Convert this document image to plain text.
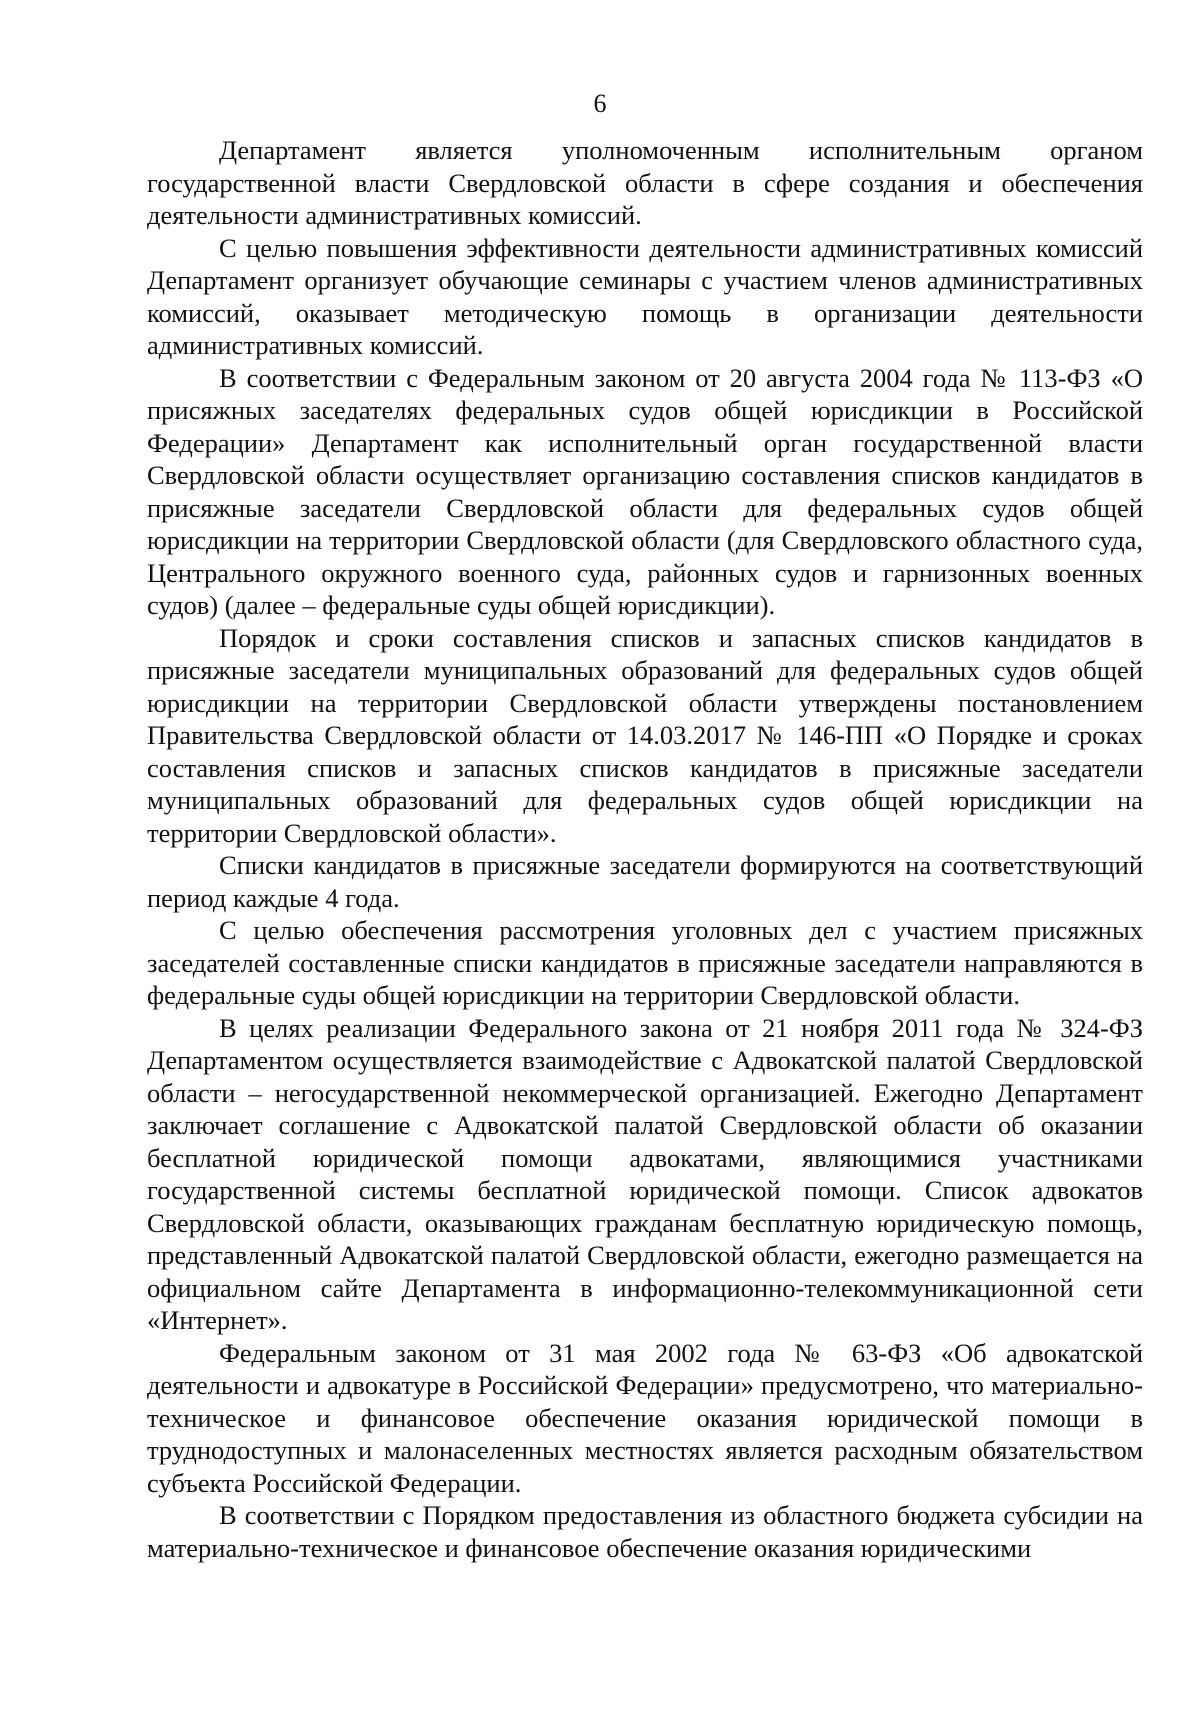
6

Департамент является уполномоченным исполнительным органом государственной власти Свердловской области в сфере создания и обеспечения деятельности административных комиссий.

С целью повышения эффективности деятельности административных комиссий Департамент организует обучающие семинары с участием членов административных комиссий, оказывает методическую помощь в организации деятельности административных комиссий.

В соответствии с Федеральным законом от 20 августа 2004 года № 113-ФЗ «О присяжных заседателях федеральных судов общей юрисдикции в Российской Федерации» Департамент как исполнительный орган государственной власти Свердловской области осуществляет организацию составления списков кандидатов в присяжные заседатели Свердловской области для федеральных судов общей юрисдикции на территории Свердловской области (для Свердловского областного суда, Центрального окружного военного суда, районных судов и гарнизонных военных судов) (далее – федеральные суды общей юрисдикции).

Порядок и сроки составления списков и запасных списков кандидатов в присяжные заседатели муниципальных образований для федеральных судов общей юрисдикции на территории Свердловской области утверждены постановлением Правительства Свердловской области от 14.03.2017 № 146-ПП «О Порядке и сроках составления списков и запасных списков кандидатов в присяжные заседатели муниципальных образований для федеральных судов общей юрисдикции на территории Свердловской области».

Списки кандидатов в присяжные заседатели формируются на соответствующий период каждые 4 года.

С целью обеспечения рассмотрения уголовных дел с участием присяжных заседателей составленные списки кандидатов в присяжные заседатели направляются в федеральные суды общей юрисдикции на территории Свердловской области.

В целях реализации Федерального закона от 21 ноября 2011 года № 324-ФЗ Департаментом осуществляется взаимодействие с Адвокатской палатой Свердловской области – негосударственной некоммерческой организацией. Ежегодно Департамент заключает соглашение с Адвокатской палатой Свердловской области об оказании бесплатной юридической помощи адвокатами, являющимися участниками государственной системы бесплатной юридической помощи. Список адвокатов Свердловской области, оказывающих гражданам бесплатную юридическую помощь, представленный Адвокатской палатой Свердловской области, ежегодно размещается на официальном сайте Департамента в информационно-телекоммуникационной сети «Интернет».

Федеральным законом от 31 мая 2002 года № 63-ФЗ «Об адвокатской деятельности и адвокатуре в Российской Федерации» предусмотрено, что материально-техническое и финансовое обеспечение оказания юридической помощи в труднодоступных и малонаселенных местностях является расходным обязательством субъекта Российской Федерации.

В соответствии с Порядком предоставления из областного бюджета субсидии на материально-техническое и финансовое обеспечение оказания юридическими
